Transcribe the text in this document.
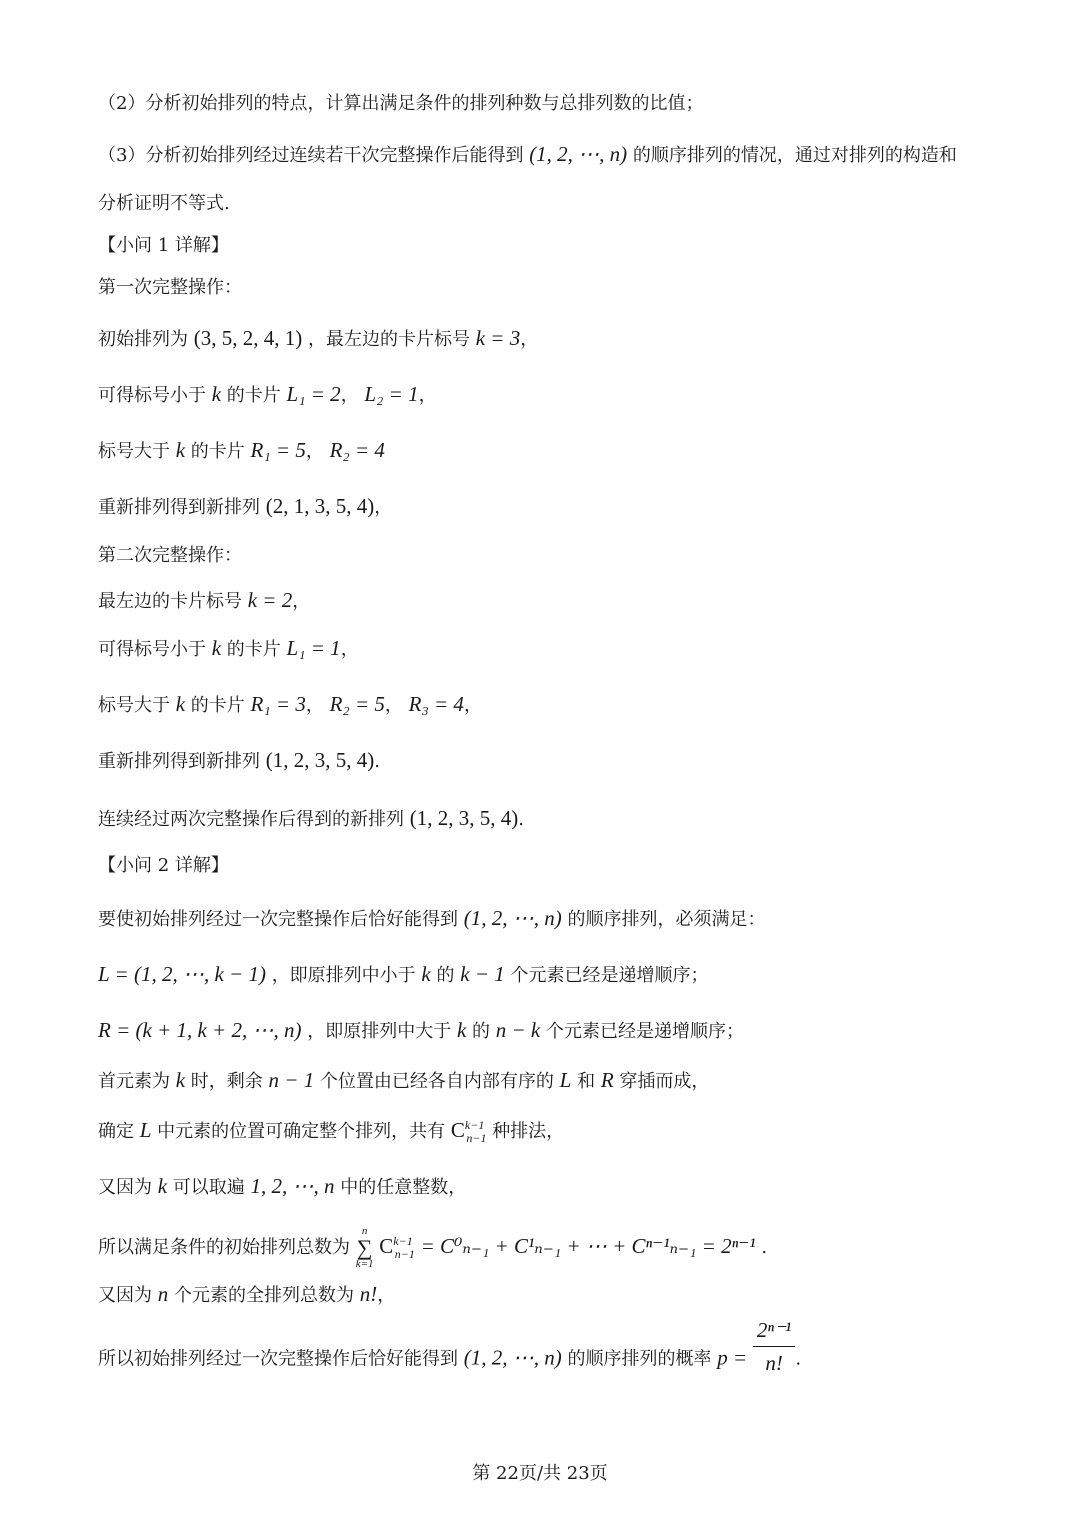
（2）分析初始排列的特点，计算出满足条件的排列种数与总排列数的比值；
（3）分析初始排列经过连续若干次完整操作后能得到 (1, 2, ⋯, n) 的顺序排列的情况，通过对排列的构造和
分析证明不等式.
【小问 1 详解】
第一次完整操作：
初始排列为 (3, 5, 2, 4, 1) ，最左边的卡片标号 k = 3，
可得标号小于 k 的卡片 L₁ = 2， L₂ = 1，
标号大于 k 的卡片 R₁ = 5， R₂ = 4
重新排列得到新排列 (2, 1, 3, 5, 4)，
第二次完整操作：
最左边的卡片标号 k = 2，
可得标号小于 k 的卡片 L₁ = 1，
标号大于 k 的卡片 R₁ = 3， R₂ = 5， R₃ = 4，
重新排列得到新排列 (1, 2, 3, 5, 4).
连续经过两次完整操作后得到的新排列 (1, 2, 3, 5, 4).
【小问 2 详解】
要使初始排列经过一次完整操作后恰好能得到 (1, 2, ⋯, n) 的顺序排列，必须满足：
L = (1, 2, ⋯, k − 1) ，即原排列中小于 k 的 k − 1 个元素已经是递增顺序；
R = (k + 1, k + 2, ⋯, n) ，即原排列中大于 k 的 n − k 个元素已经是递增顺序；
首元素为 k 时，剩余 n − 1 个位置由已经各自内部有序的 L 和 R 穿插而成，
确定 L 中元素的位置可确定整个排列，共有 $C^{k-1}_{n-1}$ 种排法，
又因为 k 可以取遍 1, 2, ⋯, n 中的任意整数，
所以满足条件的初始排列总数为
n
∑
k=1
$C^{k-1}_{n-1} = C^0_{n-1} + C^1_{n-1}$ + ⋯ + Cⁿ⁻¹ₙ₋₁ = 2ⁿ⁻¹ .
又因为 n 个元素的全排列总数为 n!，
所以初始排列经过一次完整操作后恰好能得到 (1, 2, ⋯, n) 的顺序排列的概率 $p = \frac{\text{2ⁿ⁻¹}}{n!}$ .
第 22页/共 23页
